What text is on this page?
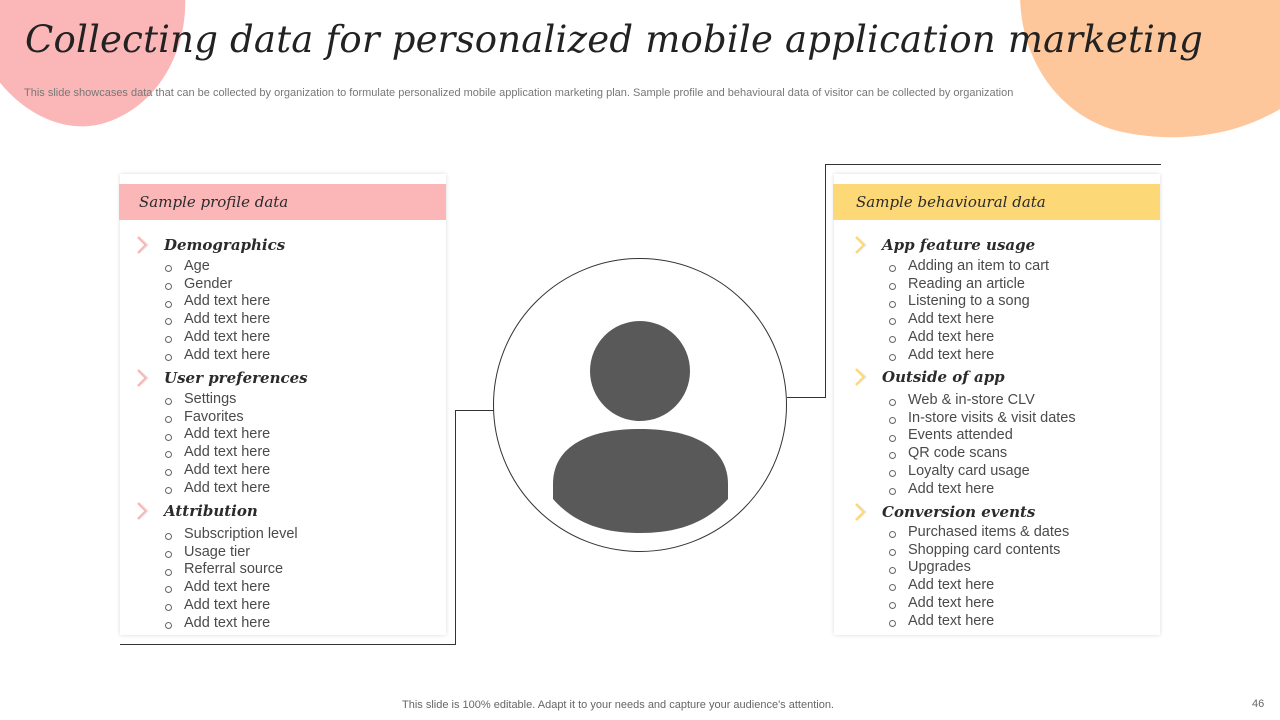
Collecting data for personalized mobile application marketing
This slide showcases data that can be collected by organization to formulate personalized mobile application marketing plan. Sample profile and behavioural data of visitor can be collected by organization
Sample profile data
Demographics
Age
Gender
Add text here
Add text here
Add text here
Add text here
User preferences
Settings
Favorites
Add text here
Add text here
Add text here
Add text here
Attribution
Subscription level
Usage tier
Referral source
Add text here
Add text here
Add text here
Sample behavioural data
App feature usage
Adding an item to cart
Reading an article
Listening to a song
Add text here
Add text here
Add text here
Outside of app
Web & in-store CLV
In-store visits & visit dates
Events attended
QR code scans
Loyalty card usage
Add text here
Conversion events
Purchased items & dates
Shopping card contents
Upgrades
Add text here
Add text here
Add text here
This slide is 100% editable. Adapt it to your needs and capture your audience's attention.	46
